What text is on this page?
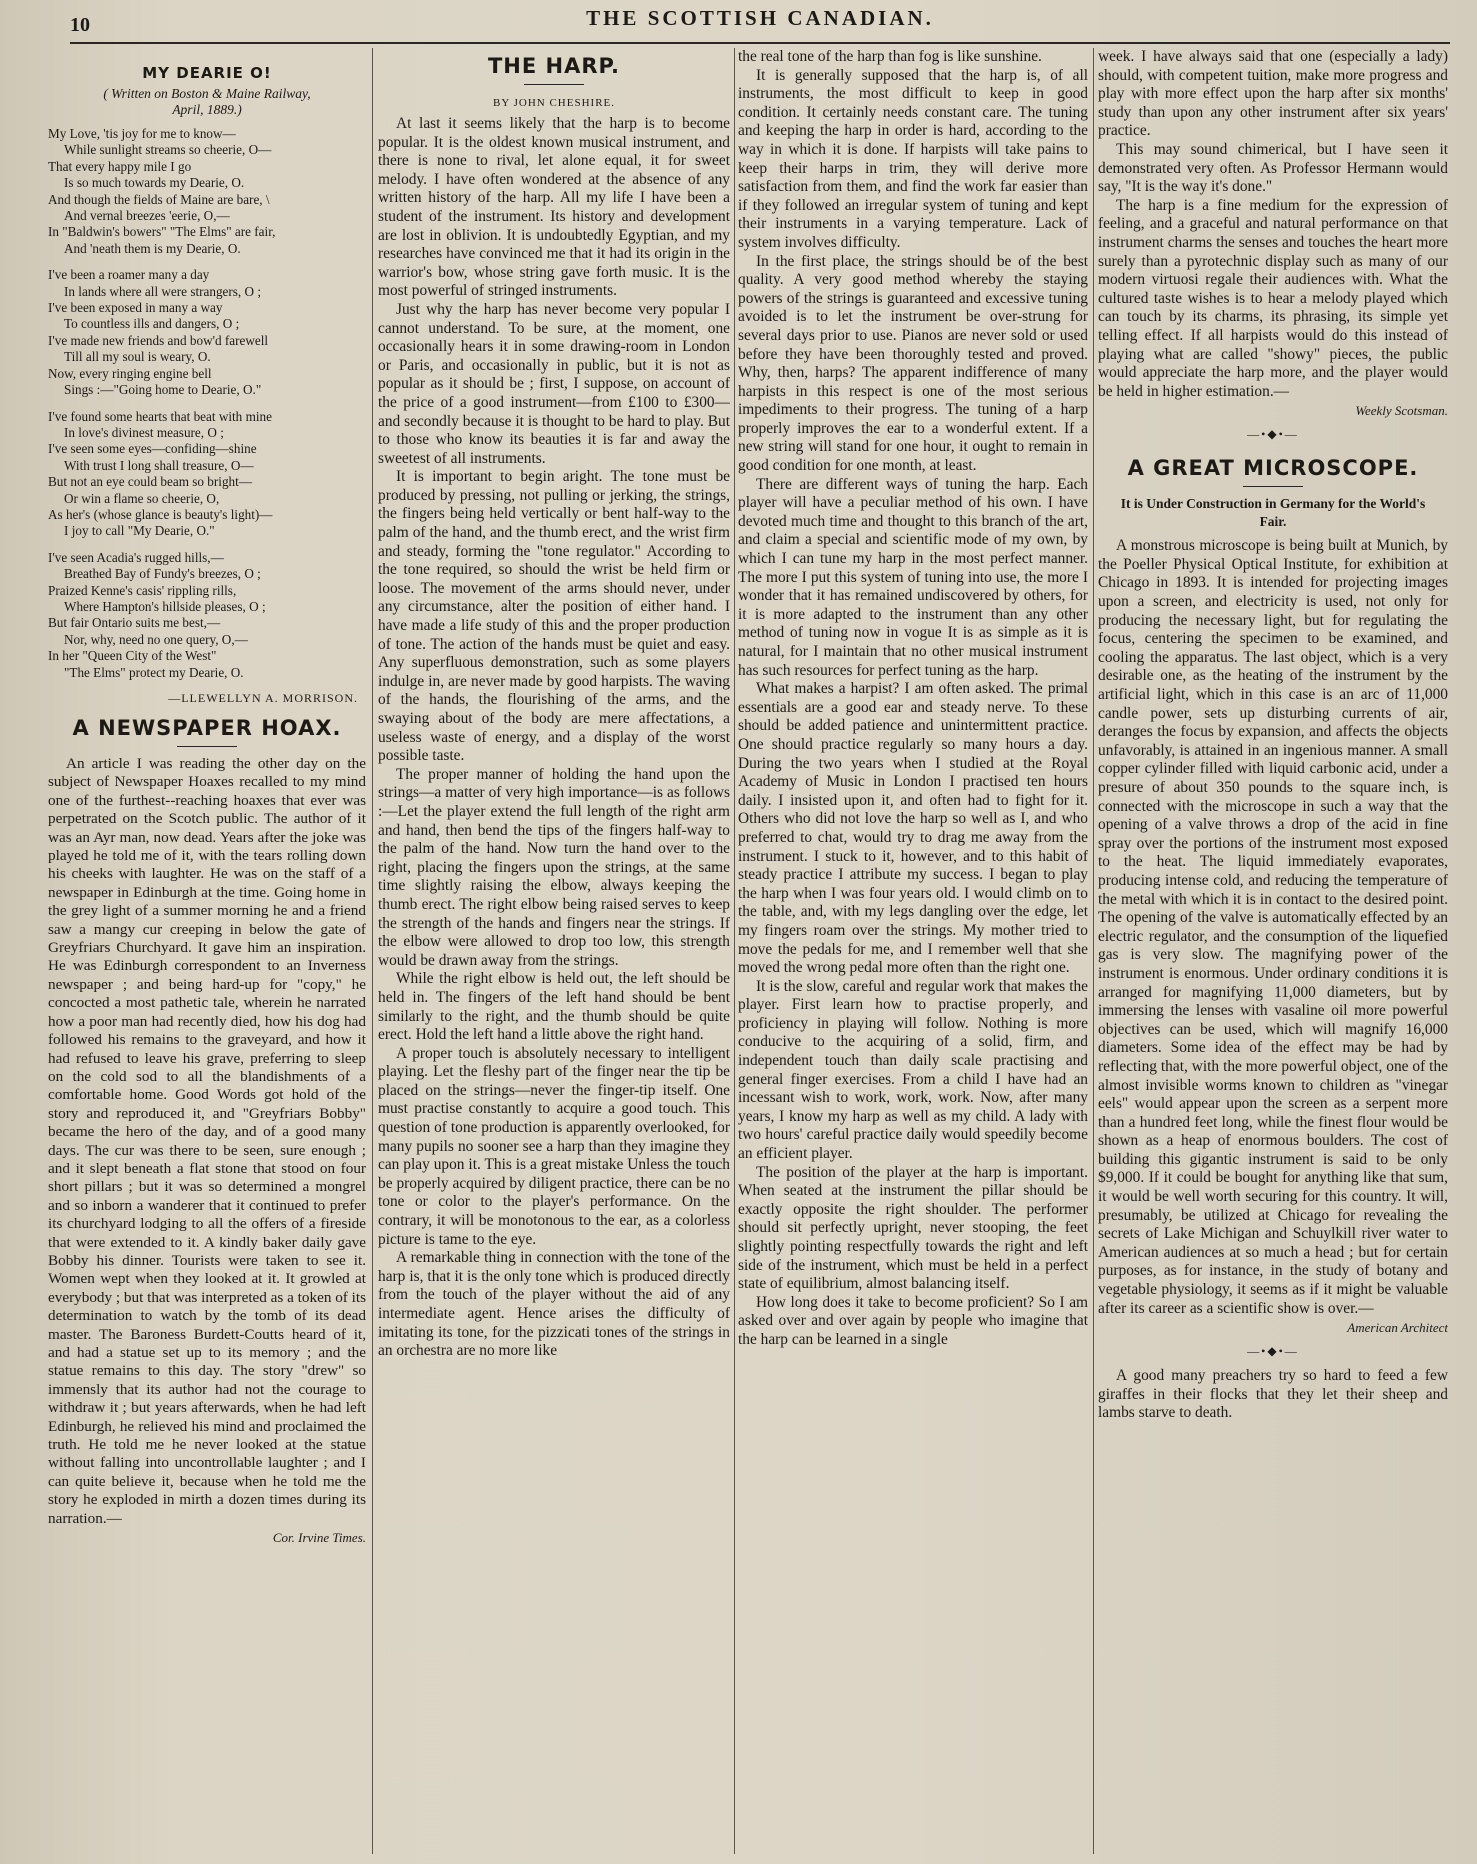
10	THE SCOTTISH CANADIAN.
MY DEARIE O!
( Written on Boston & Maine Railway,
April, 1889.)

My Love, 'tis joy for me to know—

While sunlight streams so cheerie, O—

That every happy mile I go

Is so much towards my Dearie, O.

And though the fields of Maine are bare, \

And vernal breezes 'eerie, O,—

In "Baldwin's bowers" "The Elms" are fair,

And 'neath them is my Dearie, O.

I've been a roamer many a day

In lands where all were strangers, O ;

I've been exposed in many a way

To countless ills and dangers, O ;

I've made new friends and bow'd farewell

Till all my soul is weary, O.

Now, every ringing engine bell

Sings :—"Going home to Dearie, O."

I've found some hearts that beat with mine

In love's divinest measure, O ;

I've seen some eyes—confiding—shine

With trust I long shall treasure, O—

But not an eye could beam so bright—

Or win a flame so cheerie, O,

As her's (whose glance is beauty's light)—

I joy to call "My Dearie, O."

I've seen Acadia's rugged hills,—

Breathed Bay of Fundy's breezes, O ;

Praized Kenne's casis' rippling rills,

Where Hampton's hillside pleases, O ;

But fair Ontario suits me best,—

Nor, why, need no one query, O,—

In her "Queen City of the West"

"The Elms" protect my Dearie, O.

—LLEWELLYN A. MORRISON.
A NEWSPAPER HOAX.

An article I was reading the other day on the subject of Newspaper Hoaxes recalled to my mind one of the furthest--reaching hoaxes that ever was perpetrated on the Scotch public. The author of it was an Ayr man, now dead. Years after the joke was played he told me of it, with the tears rolling down his cheeks with laughter. He was on the staff of a newspaper in Edinburgh at the time. Going home in the grey light of a summer morning he and a friend saw a mangy cur creeping in below the gate of Greyfriars Churchyard. It gave him an inspiration. He was Edinburgh correspondent to an Inverness newspaper ; and being hard-up for "copy," he concocted a most pathetic tale, wherein he narrated how a poor man had recently died, how his dog had followed his remains to the graveyard, and how it had refused to leave his grave, preferring to sleep on the cold sod to all the blandishments of a comfortable home. Good Words got hold of the story and reproduced it, and "Greyfriars Bobby" became the hero of the day, and of a good many days. The cur was there to be seen, sure enough ; and it slept beneath a flat stone that stood on four short pillars ; but it was so determined a mongrel and so inborn a wanderer that it continued to prefer its churchyard lodging to all the offers of a fireside that were extended to it. A kindly baker daily gave Bobby his dinner. Tourists were taken to see it. Women wept when they looked at it. It growled at everybody ; but that was interpreted as a token of its determination to watch by the tomb of its dead master. The Baroness Burdett-Coutts heard of it, and had a statue set up to its memory ; and the statue remains to this day. The story "drew" so immensly that its author had not the courage to withdraw it ; but years afterwards, when he had left Edinburgh, he relieved his mind and proclaimed the truth. He told me he never looked at the statue without falling into uncontrollable laughter ; and I can quite believe it, because when he told me the story he exploded in mirth a dozen times during its narration.—

Cor. Irvine Times.
THE HARP.
BY JOHN CHESHIRE.

At last it seems likely that the harp is to become popular. It is the oldest known musical instrument, and there is none to rival, let alone equal, it for sweet melody. I have often wondered at the absence of any written history of the harp. All my life I have been a student of the instrument. Its history and development are lost in oblivion. It is undoubtedly Egyptian, and my researches have convinced me that it had its origin in the warrior's bow, whose string gave forth music. It is the most powerful of stringed instruments.

Just why the harp has never become very popular I cannot understand. To be sure, at the moment, one occasionally hears it in some drawing-room in London or Paris, and occasionally in public, but it is not as popular as it should be ; first, I suppose, on account of the price of a good instrument—from £100 to £300—and secondly because it is thought to be hard to play. But to those who know its beauties it is far and away the sweetest of all instruments.

It is important to begin aright. The tone must be produced by pressing, not pulling or jerking, the strings, the fingers being held vertically or bent half-way to the palm of the hand, and the thumb erect, and the wrist firm and steady, forming the "tone regulator." According to the tone required, so should the wrist be held firm or loose. The movement of the arms should never, under any circumstance, alter the position of either hand. I have made a life study of this and the proper production of tone. The action of the hands must be quiet and easy. Any superfluous demonstration, such as some players indulge in, are never made by good harpists. The waving of the hands, the flourishing of the arms, and the swaying about of the body are mere affectations, a useless waste of energy, and a display of the worst possible taste.

The proper manner of holding the hand upon the strings—a matter of very high importance—is as follows :—Let the player extend the full length of the right arm and hand, then bend the tips of the fingers half-way to the palm of the hand. Now turn the hand over to the right, placing the fingers upon the strings, at the same time slightly raising the elbow, always keeping the thumb erect. The right elbow being raised serves to keep the strength of the hands and fingers near the strings. If the elbow were allowed to drop too low, this strength would be drawn away from the strings.

While the right elbow is held out, the left should be held in. The fingers of the left hand should be bent similarly to the right, and the thumb should be quite erect. Hold the left hand a little above the right hand.

A proper touch is absolutely necessary to intelligent playing. Let the fleshy part of the finger near the tip be placed on the strings—never the finger-tip itself. One must practise constantly to acquire a good touch. This question of tone production is apparently overlooked, for many pupils no sooner see a harp than they imagine they can play upon it. This is a great mistake Unless the touch be properly acquired by diligent practice, there can be no tone or color to the player's performance. On the contrary, it will be monotonous to the ear, as a colorless picture is tame to the eye.

A remarkable thing in connection with the tone of the harp is, that it is the only tone which is produced directly from the touch of the player without the aid of any intermediate agent. Hence arises the difficulty of imitating its tone, for the pizzicati tones of the strings in an orchestra are no more like

the real tone of the harp than fog is like sunshine.

It is generally supposed that the harp is, of all instruments, the most difficult to keep in good condition. It certainly needs constant care. The tuning and keeping the harp in order is hard, according to the way in which it is done. If harpists will take pains to keep their harps in trim, they will derive more satisfaction from them, and find the work far easier than if they followed an irregular system of tuning and kept their instruments in a varying temperature. Lack of system involves difficulty.

In the first place, the strings should be of the best quality. A very good method whereby the staying powers of the strings is guaranteed and excessive tuning avoided is to let the instrument be over-strung for several days prior to use. Pianos are never sold or used before they have been thoroughly tested and proved. Why, then, harps? The apparent indifference of many harpists in this respect is one of the most serious impediments to their progress. The tuning of a harp properly improves the ear to a wonderful extent. If a new string will stand for one hour, it ought to remain in good condition for one month, at least.

There are different ways of tuning the harp. Each player will have a peculiar method of his own. I have devoted much time and thought to this branch of the art, and claim a special and scientific mode of my own, by which I can tune my harp in the most perfect manner. The more I put this system of tuning into use, the more I wonder that it has remained undiscovered by others, for it is more adapted to the instrument than any other method of tuning now in vogue It is as simple as it is natural, for I maintain that no other musical instrument has such resources for perfect tuning as the harp.

What makes a harpist? I am often asked. The primal essentials are a good ear and steady nerve. To these should be added patience and unintermittent practice. One should practice regularly so many hours a day. During the two years when I studied at the Royal Academy of Music in London I practised ten hours daily. I insisted upon it, and often had to fight for it. Others who did not love the harp so well as I, and who preferred to chat, would try to drag me away from the instrument. I stuck to it, however, and to this habit of steady practice I attribute my success. I began to play the harp when I was four years old. I would climb on to the table, and, with my legs dangling over the edge, let my fingers roam over the strings. My mother tried to move the pedals for me, and I remember well that she moved the wrong pedal more often than the right one.

It is the slow, careful and regular work that makes the player. First learn how to practise properly, and proficiency in playing will follow. Nothing is more conducive to the acquiring of a solid, firm, and independent touch than daily scale practising and general finger exercises. From a child I have had an incessant wish to work, work, work. Now, after many years, I know my harp as well as my child. A lady with two hours' careful practice daily would speedily become an efficient player.

The position of the player at the harp is important. When seated at the instrument the pillar should be exactly opposite the right shoulder. The performer should sit perfectly upright, never stooping, the feet slightly pointing respectfully towards the right and left side of the instrument, which must be held in a perfect state of equilibrium, almost balancing itself.

How long does it take to become proficient? So I am asked over and over again by people who imagine that the harp can be learned in a single

week. I have always said that one (especially a lady) should, with competent tuition, make more progress and play with more effect upon the harp after six months' study than upon any other instrument after six years' practice.

This may sound chimerical, but I have seen it demonstrated very often. As Professor Hermann would say, "It is the way it's done."

The harp is a fine medium for the expression of feeling, and a graceful and natural performance on that instrument charms the senses and touches the heart more surely than a pyrotechnic display such as many of our modern virtuosi regale their audiences with. What the cultured taste wishes is to hear a melody played which can touch by its charms, its phrasing, its simple yet telling effect. If all harpists would do this instead of playing what are called "showy" pieces, the public would appreciate the harp more, and the player would be held in higher estimation.—

Weekly Scotsman.
—•◆•—
A GREAT MICROSCOPE.
It is Under Construction in Germany for the World's Fair.

A monstrous microscope is being built at Munich, by the Poeller Physical Optical Institute, for exhibition at Chicago in 1893. It is intended for projecting images upon a screen, and electricity is used, not only for producing the necessary light, but for regulating the focus, centering the specimen to be examined, and cooling the apparatus. The last object, which is a very desirable one, as the heating of the instrument by the artificial light, which in this case is an arc of 11,000 candle power, sets up disturbing currents of air, deranges the focus by expansion, and affects the objects unfavorably, is attained in an ingenious manner. A small copper cylinder filled with liquid carbonic acid, under a presure of about 350 pounds to the square inch, is connected with the microscope in such a way that the opening of a valve throws a drop of the acid in fine spray over the portions of the instrument most exposed to the heat. The liquid immediately evaporates, producing intense cold, and reducing the temperature of the metal with which it is in contact to the desired point. The opening of the valve is automatically effected by an electric regulator, and the consumption of the liquefied gas is very slow. The magnifying power of the instrument is enormous. Under ordinary conditions it is arranged for magnifying 11,000 diameters, but by immersing the lenses with vasaline oil more powerful objectives can be used, which will magnify 16,000 diameters. Some idea of the effect may be had by reflecting that, with the more powerful object, one of the almost invisible worms known to children as "vinegar eels" would appear upon the screen as a serpent more than a hundred feet long, while the finest flour would be shown as a heap of enormous boulders. The cost of building this gigantic instrument is said to be only $9,000. If it could be bought for anything like that sum, it would be well worth securing for this country. It will, presumably, be utilized at Chicago for revealing the secrets of Lake Michigan and Schuylkill river water to American audiences at so much a head ; but for certain purposes, as for instance, in the study of botany and vegetable physiology, it seems as if it might be valuable after its career as a scientific show is over.—

American Architect
—•◆•—

A good many preachers try so hard to feed a few giraffes in their flocks that they let their sheep and lambs starve to death.
